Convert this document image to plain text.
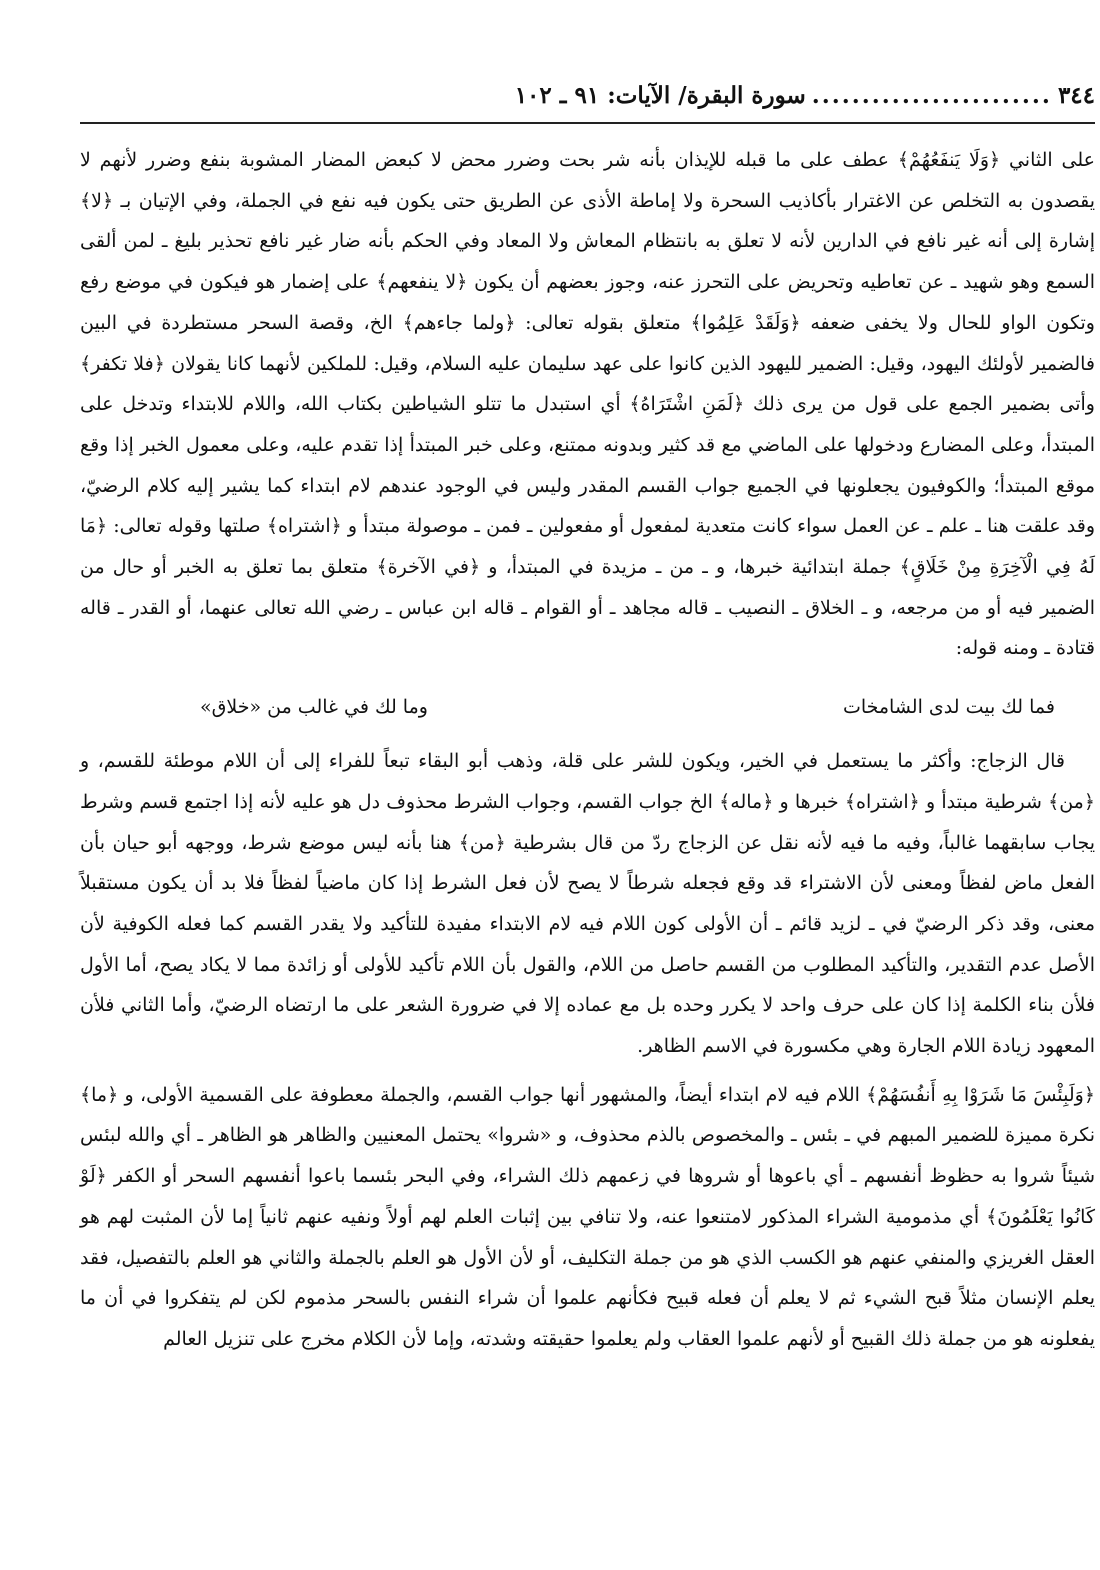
٣٤٤
........................
سورة البقرة/ الآيات: ٩١ ـ ١٠٢

على الثاني ﴿وَلَا يَنفَعُهُمْ﴾ عطف على ما قبله للإيذان بأنه شر بحت وضرر محض لا كبعض المضار المشوبة بنفع وضرر لأنهم لا يقصدون به التخلص عن الاغترار بأكاذيب السحرة ولا إماطة الأذى عن الطريق حتى يكون فيه نفع في الجملة، وفي الإتيان بـ ﴿لا﴾ إشارة إلى أنه غير نافع في الدارين لأنه لا تعلق به بانتظام المعاش ولا المعاد وفي الحكم بأنه ضار غير نافع تحذير بليغ ـ لمن ألقى السمع وهو شهيد ـ عن تعاطيه وتحريض على التحرز عنه، وجوز بعضهم أن يكون ﴿لا ينفعهم﴾ على إضمار هو فيكون في موضع رفع وتكون الواو للحال ولا يخفى ضعفه ﴿وَلَقَدْ عَلِمُوا﴾ متعلق بقوله تعالى: ﴿ولما جاءهم﴾ الخ، وقصة السحر مستطردة في البين فالضمير لأولئك اليهود، وقيل: الضمير لليهود الذين كانوا على عهد سليمان عليه السلام، وقيل: للملكين لأنهما كانا يقولان ﴿فلا تكفر﴾ وأتى بضمير الجمع على قول من يرى ذلك ﴿لَمَنِ اشْتَرَاهُ﴾ أي استبدل ما تتلو الشياطين بكتاب الله، واللام للابتداء وتدخل على المبتدأ، وعلى المضارع ودخولها على الماضي مع قد كثير وبدونه ممتنع، وعلى خبر المبتدأ إذا تقدم عليه، وعلى معمول الخبر إذا وقع موقع المبتدأ؛ والكوفيون يجعلونها في الجميع جواب القسم المقدر وليس في الوجود عندهم لام ابتداء كما يشير إليه كلام الرضيّ، وقد علقت هنا ـ علم ـ عن العمل سواء كانت متعدية لمفعول أو مفعولين ـ فمن ـ موصولة مبتدأ و ﴿اشتراه﴾ صلتها وقوله تعالى: ﴿مَا لَهُ فِي الْآخِرَةِ مِنْ خَلَاقٍ﴾ جملة ابتدائية خبرها، و ـ من ـ مزيدة في المبتدأ، و ﴿في الآخرة﴾ متعلق بما تعلق به الخبر أو حال من الضمير فيه أو من مرجعه، و ـ الخلاق ـ النصيب ـ قاله مجاهد ـ أو القوام ـ قاله ابن عباس ـ رضي الله تعالى عنهما، أو القدر ـ قاله قتادة ـ ومنه قوله:

فما لك بيت لدى الشامخات
وما لك في غالب من «خلاق»

قال الزجاج: وأكثر ما يستعمل في الخير، ويكون للشر على قلة، وذهب أبو البقاء تبعاً للفراء إلى أن اللام موطئة للقسم، و ﴿من﴾ شرطية مبتدأ و ﴿اشتراه﴾ خبرها و ﴿ماله﴾ الخ جواب القسم، وجواب الشرط محذوف دل هو عليه لأنه إذا اجتمع قسم وشرط يجاب سابقهما غالباً، وفيه ما فيه لأنه نقل عن الزجاج ردّ من قال بشرطية ﴿من﴾ هنا بأنه ليس موضع شرط، ووجهه أبو حيان بأن الفعل ماض لفظاً ومعنى لأن الاشتراء قد وقع فجعله شرطاً لا يصح لأن فعل الشرط إذا كان ماضياً لفظاً فلا بد أن يكون مستقبلاً معنى، وقد ذكر الرضيّ في ـ لزيد قائم ـ أن الأولى كون اللام فيه لام الابتداء مفيدة للتأكيد ولا يقدر القسم كما فعله الكوفية لأن الأصل عدم التقدير، والتأكيد المطلوب من القسم حاصل من اللام، والقول بأن اللام تأكيد للأولى أو زائدة مما لا يكاد يصح، أما الأول فلأن بناء الكلمة إذا كان على حرف واحد لا يكرر وحده بل مع عماده إلا في ضرورة الشعر على ما ارتضاه الرضيّ، وأما الثاني فلأن المعهود زيادة اللام الجارة وهي مكسورة في الاسم الظاهر.

﴿وَلَبِئْسَ مَا شَرَوْا بِهِ أَنفُسَهُمْ﴾ اللام فيه لام ابتداء أيضاً، والمشهور أنها جواب القسم، والجملة معطوفة على القسمية الأولى، و ﴿ما﴾ نكرة مميزة للضمير المبهم في ـ بئس ـ والمخصوص بالذم محذوف، و «شروا» يحتمل المعنيين والظاهر هو الظاهر ـ أي والله لبئس شيئاً شروا به حظوظ أنفسهم ـ أي باعوها أو شروها في زعمهم ذلك الشراء، وفي البحر بئسما باعوا أنفسهم السحر أو الكفر ﴿لَوْ كَانُوا يَعْلَمُونَ﴾ أي مذمومية الشراء المذكور لامتنعوا عنه، ولا تنافي بين إثبات العلم لهم أولاً ونفيه عنهم ثانياً إما لأن المثبت لهم هو العقل الغريزي والمنفي عنهم هو الكسب الذي هو من جملة التكليف، أو لأن الأول هو العلم بالجملة والثاني هو العلم بالتفصيل، فقد يعلم الإنسان مثلاً قبح الشيء ثم لا يعلم أن فعله قبيح فكأنهم علموا أن شراء النفس بالسحر مذموم لكن لم يتفكروا في أن ما يفعلونه هو من جملة ذلك القبيح أو لأنهم علموا العقاب ولم يعلموا حقيقته وشدته، وإما لأن الكلام مخرج على تنزيل العالم
